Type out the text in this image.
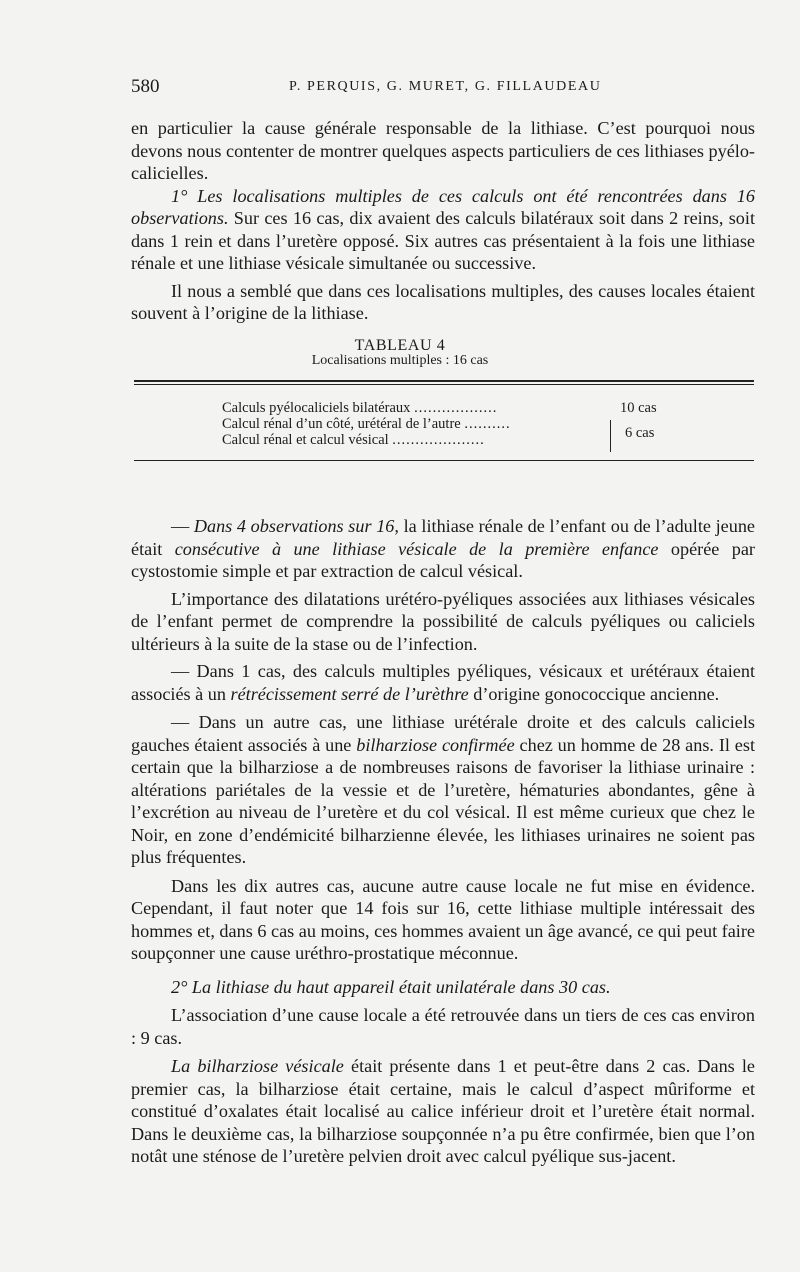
580	P. PERQUIS, G. MURET, G. FILLAUDEAU

en particulier la cause générale responsable de la lithiase. C’est pourquoi nous devons nous contenter de montrer quelques aspects particuliers de ces lithiases pyélo-calicielles.

1° Les localisations multiples de ces calculs ont été rencontrées dans 16 observations. Sur ces 16 cas, dix avaient des calculs bilatéraux soit dans 2 reins, soit dans 1 rein et dans l’uretère opposé. Six autres cas présentaient à la fois une lithiase rénale et une lithiase vésicale simultanée ou successive.

Il nous a semblé que dans ces localisations multiples, des causes locales étaient souvent à l’origine de la lithiase.

TABLEAU 4
Localisations multiples : 16 cas
Calculs pyélocaliciels bilatéraux ..................
Calcul rénal d’un côté, urétéral de l’autre ..........
Calcul rénal et calcul vésical ....................
10 cas
6 cas

— Dans 4 observations sur 16, la lithiase rénale de l’enfant ou de l’adulte jeune était consécutive à une lithiase vésicale de la première enfance opérée par cystostomie simple et par extraction de calcul vésical.

L’importance des dilatations urétéro-pyéliques associées aux lithiases vésicales de l’enfant permet de comprendre la possibilité de calculs pyéliques ou caliciels ultérieurs à la suite de la stase ou de l’infection.

— Dans 1 cas, des calculs multiples pyéliques, vésicaux et urétéraux étaient associés à un rétrécissement serré de l’urèthre d’origine gonococcique ancienne.

— Dans un autre cas, une lithiase urétérale droite et des calculs caliciels gauches étaient associés à une bilharziose confirmée chez un homme de 28 ans. Il est certain que la bilharziose a de nombreuses raisons de favoriser la lithiase urinaire : altérations pariétales de la vessie et de l’uretère, hématuries abondantes, gêne à l’excrétion au niveau de l’uretère et du col vésical. Il est même curieux que chez le Noir, en zone d’endémicité bilharzienne élevée, les lithiases urinaires ne soient pas plus fréquentes.

Dans les dix autres cas, aucune autre cause locale ne fut mise en évidence. Cependant, il faut noter que 14 fois sur 16, cette lithiase multiple intéressait des hommes et, dans 6 cas au moins, ces hommes avaient un âge avancé, ce qui peut faire soupçonner une cause uréthro-prostatique méconnue.

2° La lithiase du haut appareil était unilatérale dans 30 cas.

L’association d’une cause locale a été retrouvée dans un tiers de ces cas environ : 9 cas.

La bilharziose vésicale était présente dans 1 et peut-être dans 2 cas. Dans le premier cas, la bilharziose était certaine, mais le calcul d’aspect mûriforme et constitué d’oxalates était localisé au calice inférieur droit et l’uretère était normal. Dans le deuxième cas, la bilharziose soupçonnée n’a pu être confirmée, bien que l’on notât une sténose de l’uretère pelvien droit avec calcul pyélique sus-jacent.
